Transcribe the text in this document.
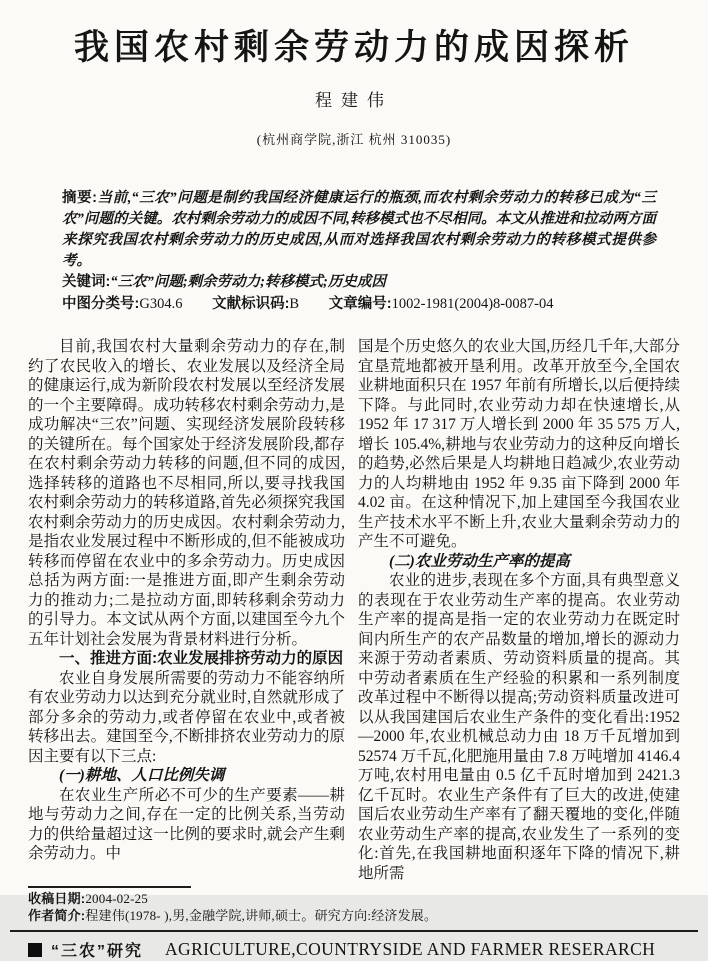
我国农村剩余劳动力的成因探析
程建伟
(杭州商学院,浙江 杭州 310035)
摘要:当前,“三农”问题是制约我国经济健康运行的瓶颈,而农村剩余劳动力的转移已成为“三农”问题的关键。农村剩余劳动力的成因不同,转移模式也不尽相同。本文从推进和拉动两方面来探究我国农村剩余劳动力的历史成因,从而对选择我国农村剩余劳动力的转移模式提供参考。
关键词:“三农”问题;剩余劳动力;转移模式;历史成因
中图分类号:G304.6 文献标识码:B 文章编号:1002-1981(2004)8-0087-04
目前,我国农村大量剩余劳动力的存在,制约了农民收入的增长、农业发展以及经济全局的健康运行,成为新阶段农村发展以至经济发展的一个主要障碍。成功转移农村剩余劳动力,是成功解决“三农”问题、实现经济发展阶段转移的关键所在。每个国家处于经济发展阶段,都存在农村剩余劳动力转移的问题,但不同的成因,选择转移的道路也不尽相同,所以,要寻找我国农村剩余劳动力的转移道路,首先必须探究我国农村剩余劳动力的历史成因。农村剩余劳动力,是指农业发展过程中不断形成的,但不能被成功转移而停留在农业中的多余劳动力。历史成因总括为两方面:一是推进方面,即产生剩余劳动力的推动力;二是拉动方面,即转移剩余劳动力的引导力。本文试从两个方面,以建国至今九个五年计划社会发展为背景材料进行分析。
一、推进方面:农业发展排挤劳动力的原因
农业自身发展所需要的劳动力不能容纳所有农业劳动力以达到充分就业时,自然就形成了部分多余的劳动力,或者停留在农业中,或者被转移出去。建国至今,不断排挤农业劳动力的原因主要有以下三点:
(一)耕地、人口比例失调
在农业生产所必不可少的生产要素——耕地与劳动力之间,存在一定的比例关系,当劳动力的供给量超过这一比例的要求时,就会产生剩余劳动力。中
国是个历史悠久的农业大国,历经几千年,大部分宜垦荒地都被开垦利用。改革开放至今,全国农业耕地面积只在 1957 年前有所增长,以后便持续下降。与此同时,农业劳动力却在快速增长,从 1952 年 17 317 万人增长到 2000 年 35 575 万人,增长 105.4%,耕地与农业劳动力的这种反向增长的趋势,必然后果是人均耕地日趋减少,农业劳动力的人均耕地由 1952 年 9.35 亩下降到 2000 年 4.02 亩。在这种情况下,加上建国至今我国农业生产技术水平不断上升,农业大量剩余劳动力的产生不可避免。
(二)农业劳动生产率的提高
农业的进步,表现在多个方面,具有典型意义的表现在于农业劳动生产率的提高。农业劳动生产率的提高是指一定的农业劳动力在既定时间内所生产的农产品数量的增加,增长的源动力来源于劳动者素质、劳动资料质量的提高。其中劳动者素质在生产经验的积累和一系列制度改革过程中不断得以提高;劳动资料质量改进可以从我国建国后农业生产条件的变化看出:1952—2000 年,农业机械总动力由 18 万千瓦增加到 52574 万千瓦,化肥施用量由 7.8 万吨增加 4146.4 万吨,农村用电量由 0.5 亿千瓦时增加到 2421.3 亿千瓦时。农业生产条件有了巨大的改进,使建国后农业劳动生产率有了翻天覆地的变化,伴随农业劳动生产率的提高,农业发生了一系列的变化:首先,在我国耕地面积逐年下降的情况下,耕地所需
收稿日期:2004-02-25
作者简介:程建伟(1978- ),男,金融学院,讲师,硕士。研究方向:经济发展。
“三农”研究 AGRICULTURE,COUNTRYSIDE AND FARMER RESERARCH
